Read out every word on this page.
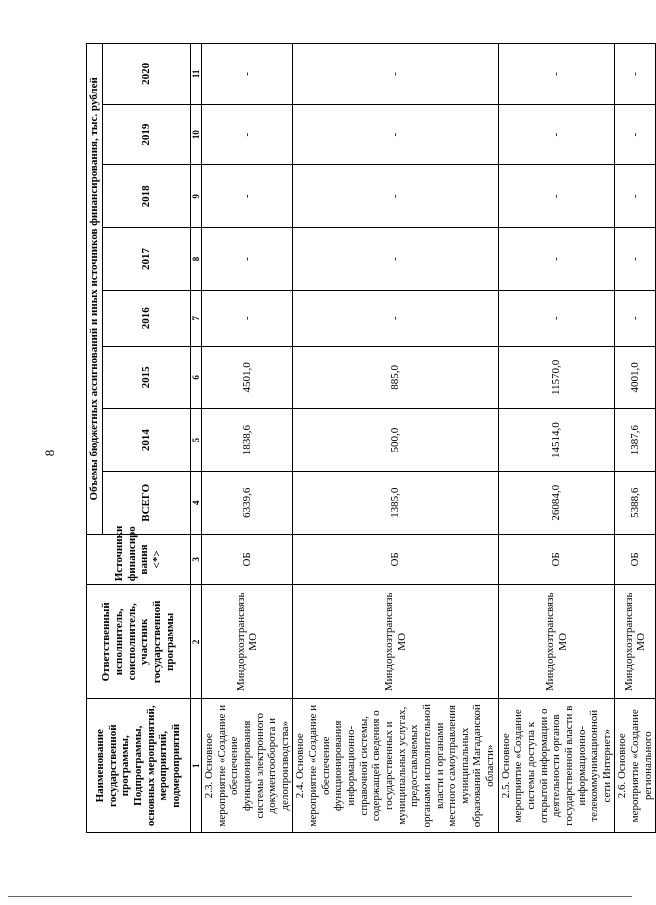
8
Наименование государственной программы, Подпрограммы, основных мероприятий, мероприятий, подмероприятий	Ответственный исполнитель, соисполнитель, участник государственной программы	Источники финансиро вания <*>	Объемы бюджетных ассигнований и иных источников финансирования, тыс. рублей							
			ВСЕГО	2014	2015	2016	2017	2018	2019	2020
1	2	3	4	5	6	7	8	9	10	11
2.3. Основное мероприятие «Создание и обеспечение функционирования системы электронного документооборота и делопроизводства»	Миндорхозтрансвязь МО	ОБ	6339,6	1838,6	4501,0	-	-	-	-	-
2.4. Основное мероприятие «Создание и обеспечение функционирования информационно-справочной системы, содержащей сведения о государственных и муниципальных услугах, предоставляемых органами исполнительной власти и органами местного самоуправления муниципальных образований Магаданской области»	Миндорхозтрансвязь МО	ОБ	1385,0	500,0	885,0	-	-	-	-	-
2.5. Основное мероприятие «Создание системы доступа к открытой информации о деятельности органов государственной власти в информационно-телекоммуникационной сети Интернет»	Миндорхозтрансвязь МО	ОБ	26084,0	14514,0	11570,0	-	-	-	-	-
2.6. Основное мероприятие «Создание регионального	Миндорхозтрансвязь МО	ОБ	5388,6	1387,6	4001,0	-	-	-	-	-
